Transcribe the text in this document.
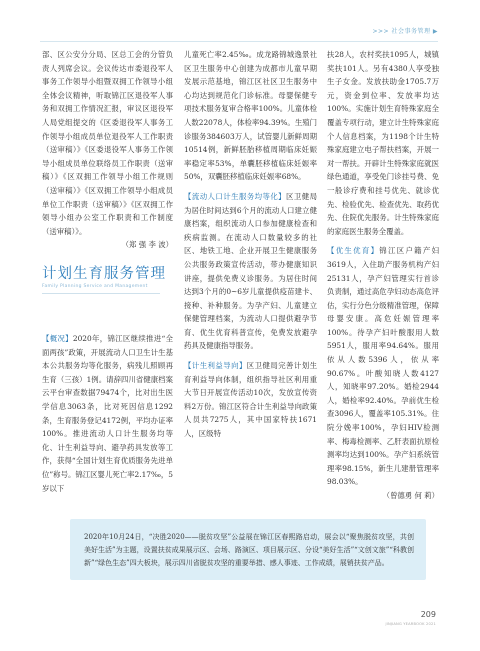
>>> 社会事务管理 ▶

部、区公安分分局、区总工会的分管负责人列席会议。会议传达市委退役军人事务工作领导小组暨双拥工作领导小组全体会议精神，听取锦江区退役军人事务和双拥工作情况汇报，审议区退役军人局党组提交的《区委退役军人事务工作领导小组成员单位退役军人工作职责（送审稿）》《区委退役军人事务工作领导小组成员单位联络员工作职责（送审稿）》《区双拥工作领导小组工作规则（送审稿）》《区双拥工作领导小组成员单位工作职责（送审稿）》《区双拥工作领导小组办公室工作职责和工作制度（送审稿）》。

（郑 强 李 波）

计划生育服务管理
Family Planning Service and Management

【概况】2020年，锦江区继续推进“全面两孩”政策，开展流动人口卫生计生基本公共服务均等化服务，病残儿照顾再生育（三孩）1例。请辞四川省健康档案云平台审查数据79474个，比对出生医学信息3063条，比对死因信息1292条，生育服务登记4172例，平均办证率100%。推进流动人口计生服务均等化、计生利益导向、避孕药具发放等工作，获得“全国计划生育优质服务先进单位”称号。锦江区婴儿死亡率2.17‰，5岁以下

儿童死亡率2.45‰。成龙路锦城逸景社区卫生服务中心创建为成都市儿童早期发展示范基地，锦江区社区卫生服务中心均达到规范化门诊标准。母婴保健专项技术服务复审合格率100%。儿童体检人数22078人，体检率94.39%。生殖门诊服务384603万人，试管婴儿新鲜周期10514例，新鲜胚胎移植周期临床妊娠率稳定率53%，单囊胚移植临床妊娠率50%，双囊胚移植临床妊娠率68%。

【流动人口计生服务均等化】区卫健局为居住时间达到6个月的流动人口建立健康档案，组织流动人口参加健康检查和疾病监测。在流动人口数量较多的社区、地铁工地、企业开展卫生健康服务公共服务政策宣传活动，带办健康知识讲座，提供免费义诊服务。为居住时间达到3个月的0~6岁儿童提供疫苗建卡、接种、补种服务。为孕产妇、儿童建立保健管理档案，为流动人口提供避孕节育、优生优育科普宣传，免费发放避孕药具及健康指导服务。

【计生利益导向】区卫健局完善计划生育利益导向体制，组织指导社区利用重大节日开展宣传活动10次，发放宣传资料2万份。锦江区符合计生利益导向政策人员共7275人，其中国家特扶1671人，区级特

扶28人，农村奖扶1095人，城镇奖扶101人。另有4380人享受独生子女金。发放扶助金1705.7万元，资金到位率、发放率均达100%。实施计划生育特殊家庭全覆盖专项行动，建立计生特殊家庭个人信息档案，为1198个计生特殊家庭建立电子帮扶档案，开展一对一帮扶。开辟计生特殊家庭就医绿色通道，享受免门诊挂号费、免一般诊疗费和挂号优先、就诊优先、检验优先、检查优先、取药优先、住院优先服务。计生特殊家庭的家庭医生服务全覆盖。

【优生优育】锦江区户籍产妇3619人，入住助产服务机构产妇25131人，孕产妇管理实行首诊负责制，通过高危孕妇动态高危评估，实行分色分级精准管理，保障母婴安康。高危妊娠管理率100%。待孕产妇叶酸服用人数5951人，服用率94.64%。服用依从人数5396人，依从率90.67%。叶酸知晓人数4127人，知晓率97.20%。婚检2944人，婚检率92.40%。孕前优生检查3096人，覆盖率105.31%。住院分娩率100%，孕妇HIV检测率、梅毒检测率、乙肝表面抗原检测率均达到100%。孕产妇系统管理率98.15%，新生儿建册管理率98.03%。

（曾德勇 何 莉）

2020年10月24日，“决胜2020——脱贫攻坚”公益展在锦江区春熙路启动，展会以“聚焦脱贫攻坚，共创美好生活”为主题，设置扶贫成果展示区、会场、路演区、项目展示区、分设“美好生活”“文创文旅”“科教创新”“绿色生态”四大板块，展示四川省脱贫攻坚的重要举措、感人事迹、工作成绩，展销扶贫产品。
209
JINJIANG YEARBOOK 2021
